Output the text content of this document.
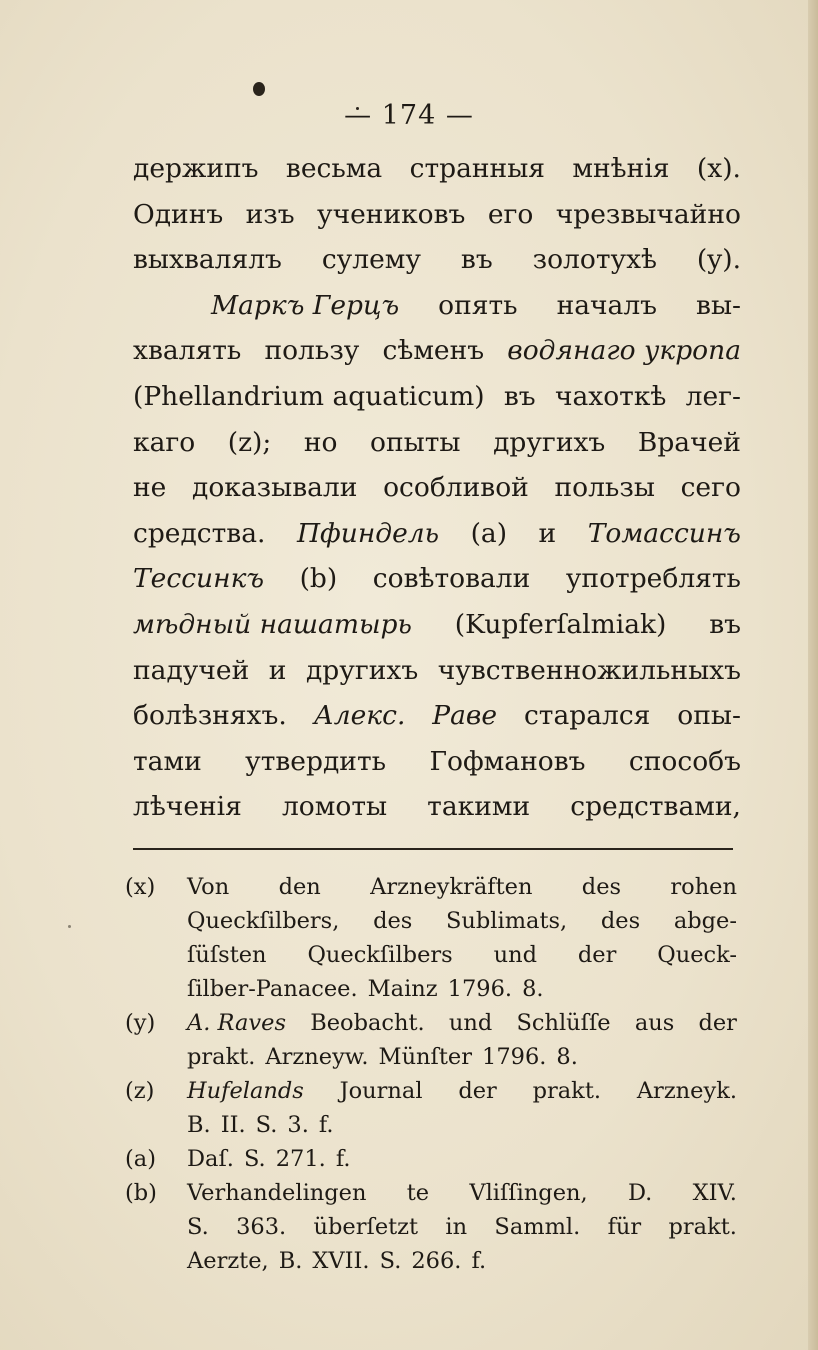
— 174 —
держипъ весьма странныя мнѣнія (x).
Одинъ изъ учениковъ его чрезвычайно
выхвалялъ сулему въ золотухѣ (y).
Маркъ Герцъ опять началъ вы-
хвалять пользу сѣменъ водянаго укропа
(Phellandrium aquaticum) въ чахоткѣ лег-
каго (z); но опыты другихъ Врачей
не доказывали особливой пользы сего
средства. Пфиндель (a) и Томассинъ
Тессинкъ (b) совѣтовали употреблять
мѣдный нашатырь (Kupferſalmiak) въ
падучей и другихъ чувственножильныхъ
болѣзняхъ. Алекс. Раве старался опы-
тами утвердить Гофмановъ способъ
лѣченія ломоты такими средствами,
(x)	Von den Arzneykräften des rohen
Queckſilbers, des Sublimats, des abge-
ſüſsten Queckſilbers und der Queck-
ſilber-Panacee. Mainz 1796. 8.
(y)	A. Raves Beobacht. und Schlüſſe aus der
prakt. Arzneyw. Münſter 1796. 8.
(z)	Hufelands Journal der prakt. Arzneyk.
B. II. S. 3. f.
(a)	Daſ. S. 271. f.
(b)	Verhandelingen te Vliſſingen, D. XIV.
S. 363. überſetzt in Samml. für prakt.
Aerzte, B. XVII. S. 266. f.
